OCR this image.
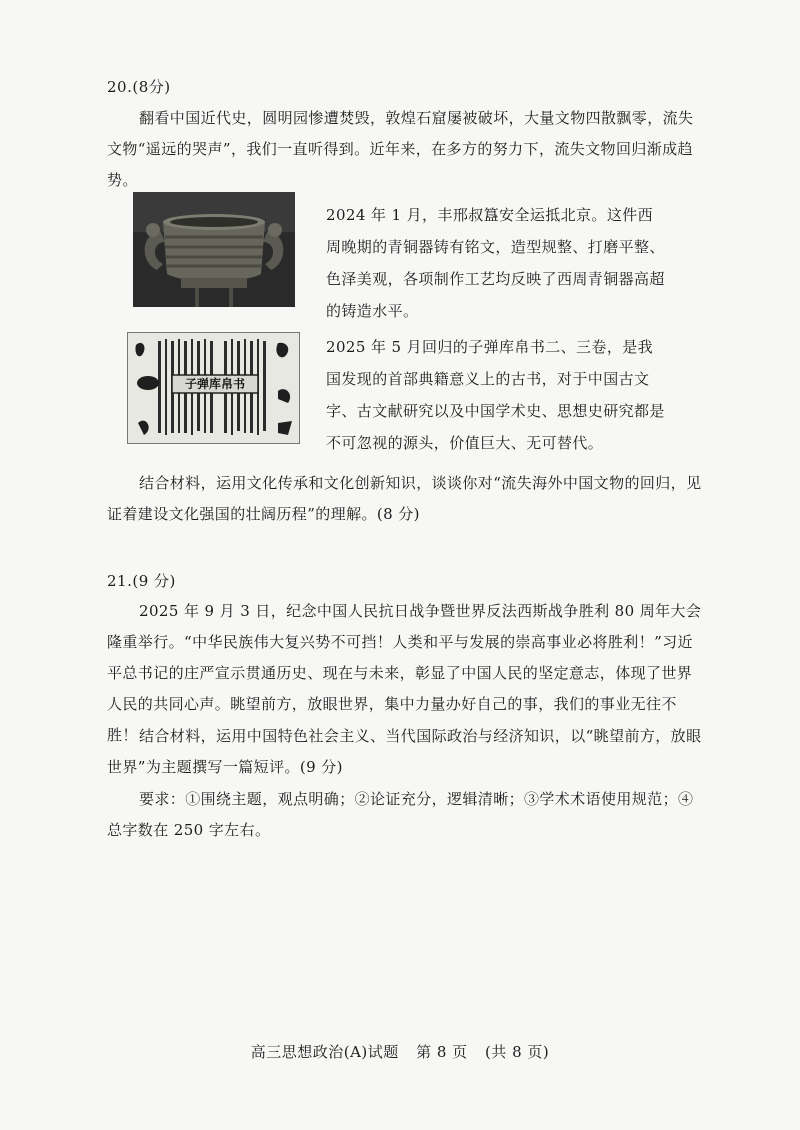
20.(8分)

翻看中国近代史，圆明园惨遭焚毁，敦煌石窟屡被破坏，大量文物四散飘零，流失文物“遥远的哭声”，我们一直听得到。近年来，在多方的努力下，流失文物回归渐成趋势。

2024 年 1 月，丰邢叔簋安全运抵北京。这件西周晚期的青铜器铸有铭文，造型规整、打磨平整、色泽美观，各项制作工艺均反映了西周青铜器高超的铸造水平。

子弹库帛书

2025 年 5 月回归的子弹库帛书二、三卷，是我国发现的首部典籍意义上的古书，对于中国古文字、古文献研究以及中国学术史、思想史研究都是不可忽视的源头，价值巨大、无可替代。

结合材料，运用文化传承和文化创新知识，谈谈你对“流失海外中国文物的回归，见证着建设文化强国的壮阔历程”的理解。(8 分)

21.(9 分)

2025 年 9 月 3 日，纪念中国人民抗日战争暨世界反法西斯战争胜利 80 周年大会隆重举行。“中华民族伟大复兴势不可挡！人类和平与发展的崇高事业必将胜利！”习近平总书记的庄严宣示贯通历史、现在与未来，彰显了中国人民的坚定意志，体现了世界人民的共同心声。眺望前方，放眼世界，集中力量办好自己的事，我们的事业无往不胜！ 结合材料，运用中国特色社会主义、当代国际政治与经济知识，以“眺望前方，放眼世界”为主题撰写一篇短评。(9 分)

要求：①围绕主题，观点明确；②论证充分，逻辑清晰；③学术术语使用规范；④总字数在 250 字左右。

高三思想政治(A)试题 第 8 页 (共 8 页)
